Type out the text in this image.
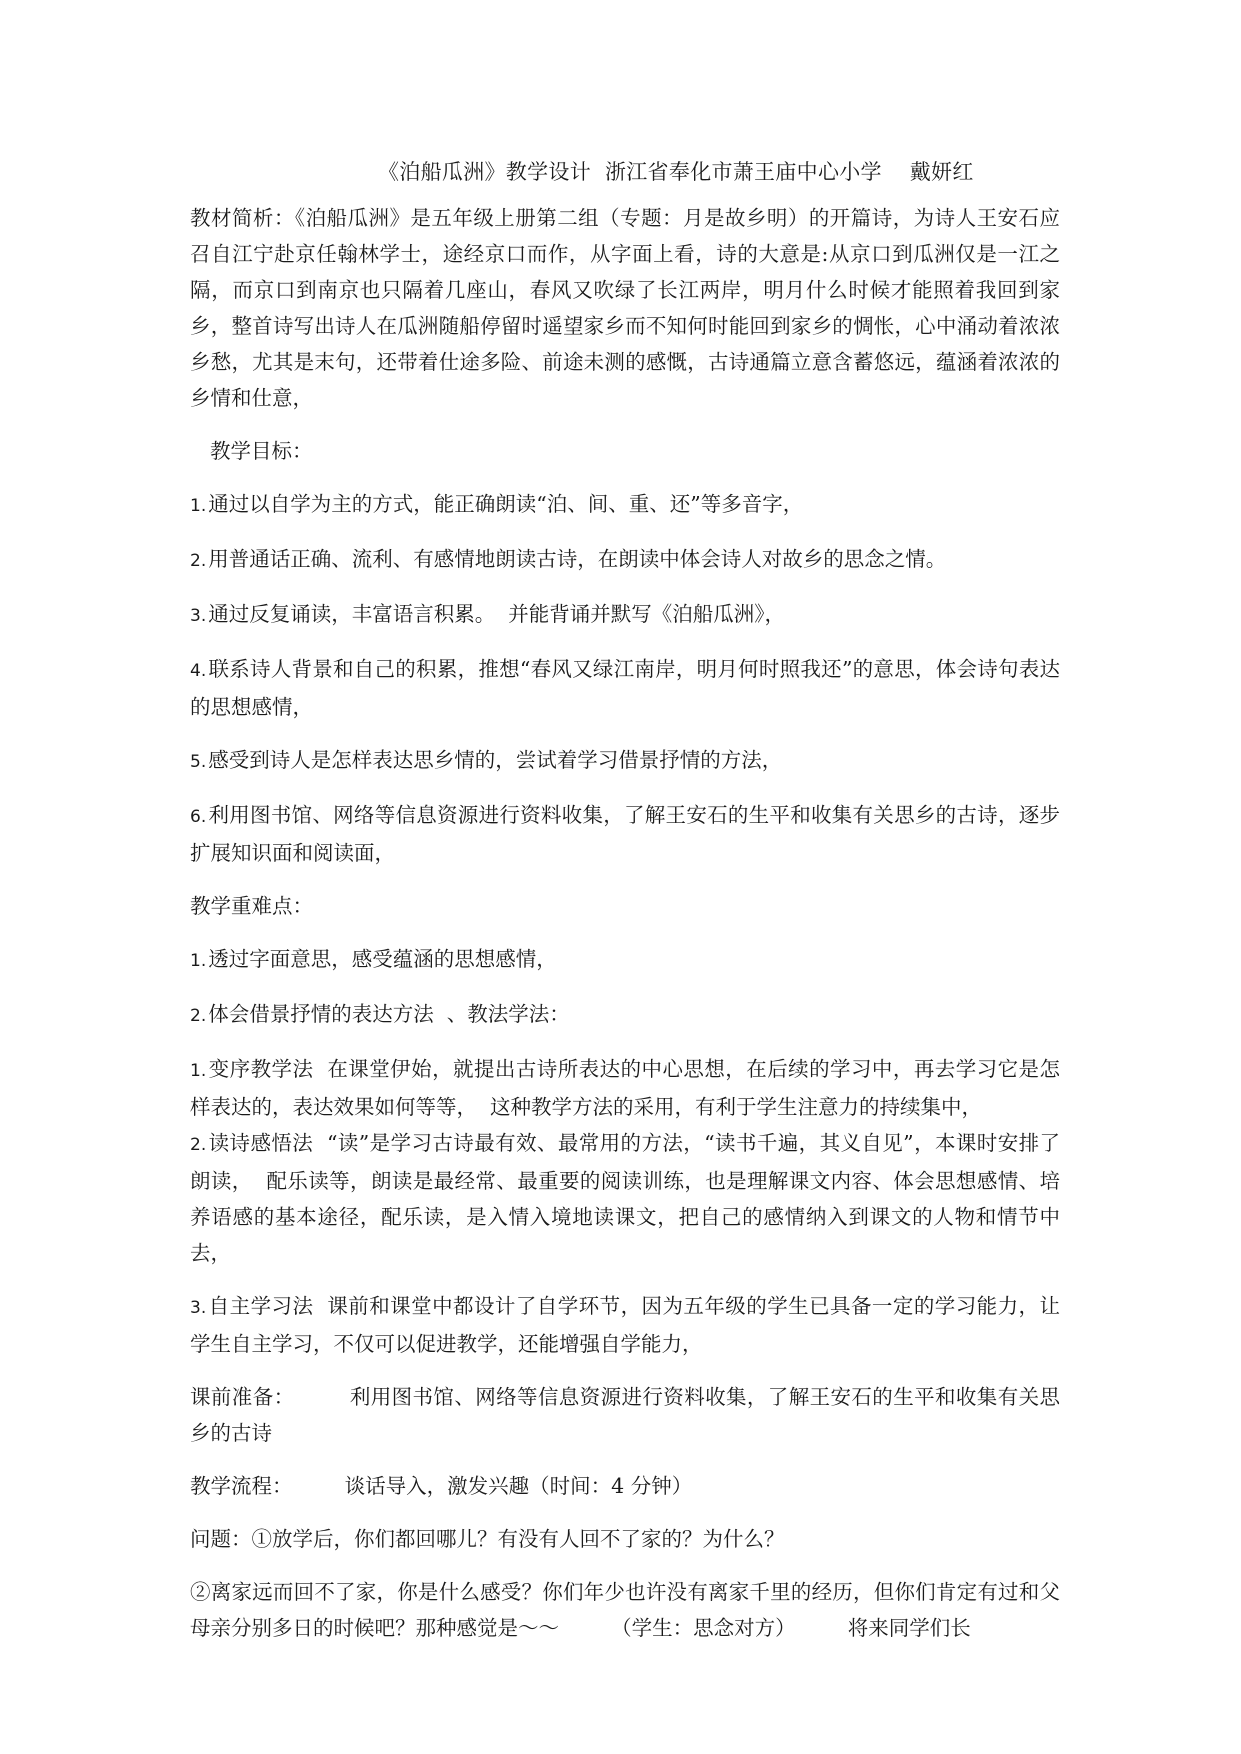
《泊船瓜洲》教学设计  浙江省奉化市萧王庙中心小学    戴妍红

教材简析：《泊船瓜洲》是五年级上册第二组（专题：月是故乡明）的开篇诗，为诗人王安石应召自江宁赴京任翰林学士，途经京口而作，从字面上看，诗的大意是:从京口到瓜洲仅是一江之隔，而京口到南京也只隔着几座山，春风又吹绿了长江两岸，明月什么时候才能照着我回到家乡，整首诗写出诗人在瓜洲随船停留时遥望家乡而不知何时能回到家乡的惆怅，心中涌动着浓浓乡愁，尤其是末句，还带着仕途多险、前途未测的感慨，古诗通篇立意含蓄悠远，蕴涵着浓浓的乡情和仕意，

教学目标：

1.通过以自学为主的方式，能正确朗读“泊、间、重、还”等多音字，

2.用普通话正确、流利、有感情地朗读古诗，在朗读中体会诗人对故乡的思念之情。

3.通过反复诵读，丰富语言积累。  并能背诵并默写《泊船瓜洲》，

4.联系诗人背景和自己的积累，推想“春风又绿江南岸，明月何时照我还”的意思，体会诗句表达的思想感情，

5.感受到诗人是怎样表达思乡情的，尝试着学习借景抒情的方法，

6.利用图书馆、网络等信息资源进行资料收集，了解王安石的生平和收集有关思乡的古诗，逐步扩展知识面和阅读面，

教学重难点：

1.透过字面意思，感受蕴涵的思想感情，

2.体会借景抒情的表达方法  、教法学法：

1.变序教学法  在课堂伊始，就提出古诗所表达的中心思想，在后续的学习中，再去学习它是怎样表达的，表达效果如何等等，  这种教学方法的采用，有利于学生注意力的持续集中，

2.读诗感悟法  “读”是学习古诗最有效、最常用的方法，“读书千遍，其义自见”，本课时安排了朗读，  配乐读等，朗读是最经常、最重要的阅读训练，也是理解课文内容、体会思想感情、培养语感的基本途径，配乐读，是入情入境地读课文，把自己的感情纳入到课文的人物和情节中去，

3.自主学习法  课前和课堂中都设计了自学环节，因为五年级的学生已具备一定的学习能力，让学生自主学习，不仅可以促进教学，还能增强自学能力，

课前准备：        利用图书馆、网络等信息资源进行资料收集，了解王安石的生平和收集有关思乡的古诗

教学流程：        谈话导入，激发兴趣（时间：4 分钟）

问题：①放学后，你们都回哪儿？有没有人回不了家的？为什么？

②离家远而回不了家，你是什么感受？你们年少也许没有离家千里的经历，但你们肯定有过和父母亲分别多日的时候吧？那种感觉是～～        （学生：思念对方）        将来同学们长
